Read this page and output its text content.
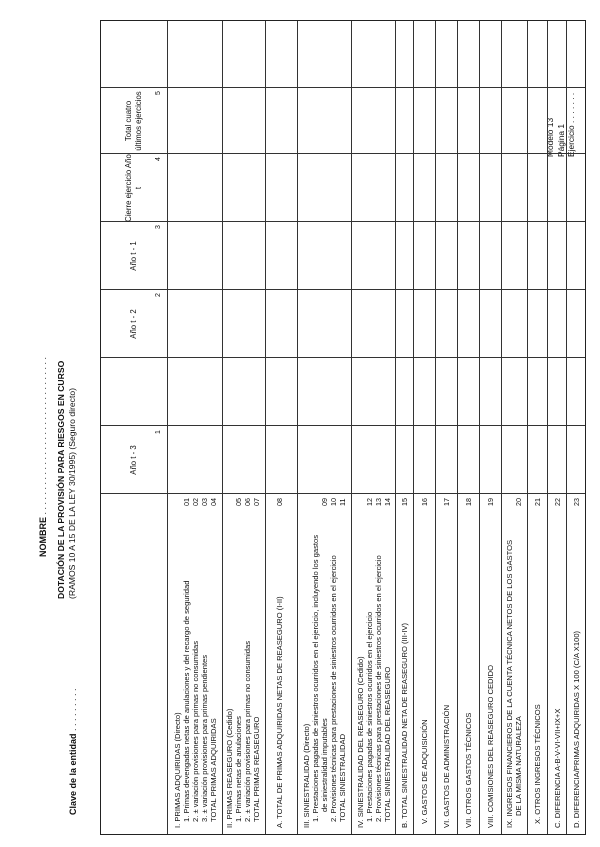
Clave de la entidad . . . . . . . . .
NOMBRE . . . . . . . . . . . . . . . . . . . . . . . . . . . . . . . . DOTACIÓN DE LA PROVISIÓN PARA RIESGOS EN CURSO (RAMOS 10 A 15 DE LA LEY 30/1995) (Seguro directo)
Modelo 13 Página 1 Ejercicio . . . . . . .
Año t - 3
1
Año t - 2
2
Año t - 1
3
Cierre ejercicio Año t
4
Total cuatro últimos ejercicios	5
I. PRIMAS ADQUIRIDAS (Directo) 1. Primas devengadas netas de anulaciones y del recargo de seguridad
01
2. ± variación provisiones para primas no consumidas
02
3. ± variación provisiones para primas pendientes
03
TOTAL PRIMAS ADQUIRIDAS
04
II. PRIMAS REASEGURO (Cedido) 1. Primas netas de anulaciones
05
2. ± variación provisiones para primas no consumidas
06
TOTAL PRIMAS REASEGURO
07
A. TOTAL DE PRIMAS ADQUIRIDAS NETAS DE REASEGURO (I-II)
08
III. SINIESTRALIDAD (Directo) 1. Prestaciones pagadas de siniestros ocurridos en el ejercicio, incluyendo los gastos de siniestralidad imputables
09
2. Provisiones técnicas para prestaciones de siniestros ocurridos en el ejercicio
10
TOTAL SINIESTRALIDAD
11
IV. SINIESTRALIDAD DEL REASEGURO (Cedido) 1. Prestaciones pagadas de siniestros ocurridos en el ejercicio
12
2. Provisiones técnicas para prestaciones de siniestros ocurridos en el ejercicio
13
TOTAL SINIESTRALIDAD DEL REASEGURO
14
B. TOTAL SINIESTRALIDAD NETA DE REASEGURO (III-IV)
15
V. GASTOS DE ADQUISICIÓN
16
VI. GASTOS DE ADMINISTRACIÓN
17
VII. OTROS GASTOS TÉCNICOS
18
VIII. COMISIONES DEL REASEGURO CEDIDO
19
IX. INGRESOS FINANCIEROS DE LA CUENTA TÉCNICA NETOS DE LOS GASTOS DE LA MISMA NATURALEZA
20
X. OTROS INGRESOS TÉCNICOS
21
C. DIFERENCIA A-B-V-VI-VII+IX+X
22
D. DIFERENCIA/PRIMAS ADQUIRIDAS X 100 (C/A X100)
23
